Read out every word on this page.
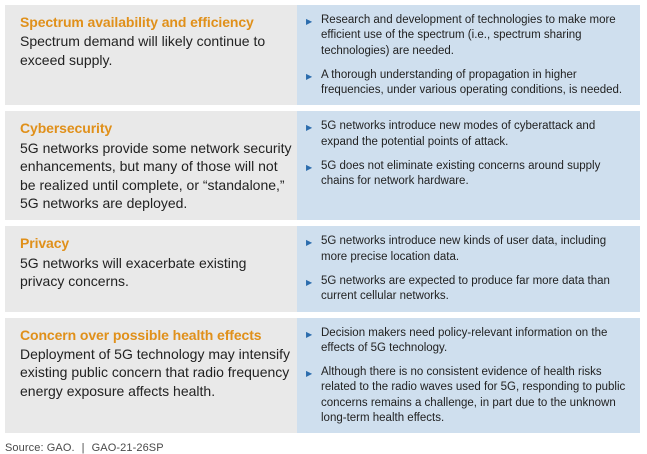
Spectrum availability and efficiency
Spectrum demand will likely continue to exceed supply.
▶ Research and development of technologies to make more efficient use of the spectrum (i.e., spectrum sharing technologies) are needed.
▶ A thorough understanding of propagation in higher frequencies, under various operating conditions, is needed.
Cybersecurity
5G networks provide some network security enhancements, but many of those will not be realized until complete, or “standalone,” 5G networks are deployed.
▶ 5G networks introduce new modes of cyberattack and expand the potential points of attack.
▶ 5G does not eliminate existing concerns around supply chains for network hardware.
Privacy
5G networks will exacerbate existing privacy concerns.
▶ 5G networks introduce new kinds of user data, including more precise location data.
▶ 5G networks are expected to produce far more data than current cellular networks.
Concern over possible health effects
Deployment of 5G technology may intensify existing public concern that radio frequency energy exposure affects health.
▶ Decision makers need policy-relevant information on the effects of 5G technology.
▶ Although there is no consistent evidence of health risks related to the radio waves used for 5G, responding to public concerns remains a challenge, in part due to the unknown long-term health effects.
Source: GAO. | GAO-21-26SP
